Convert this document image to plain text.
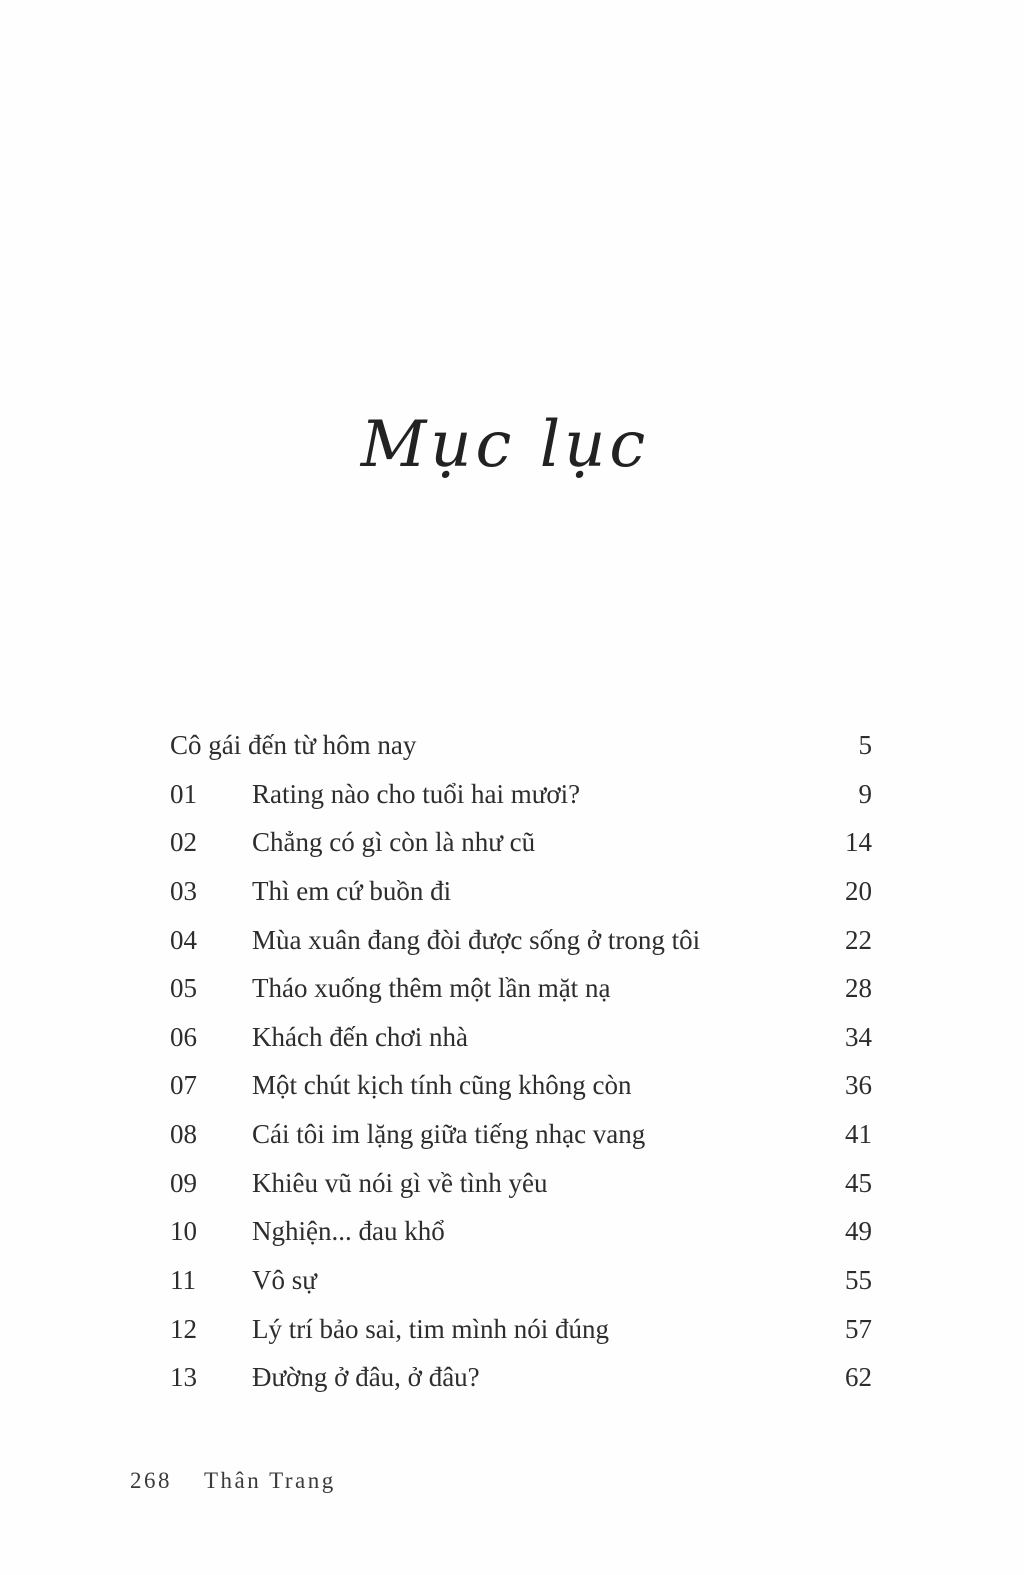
Mục lục
Cô gái đến từ hôm nay	5
01	Rating nào cho tuổi hai mươi?	9
02	Chẳng có gì còn là như cũ	14
03	Thì em cứ buồn đi	20
04	Mùa xuân đang đòi được sống ở trong tôi	22
05	Tháo xuống thêm một lần mặt nạ	28
06	Khách đến chơi nhà	34
07	Một chút kịch tính cũng không còn	36
08	Cái tôi im lặng giữa tiếng nhạc vang	41
09	Khiêu vũ nói gì về tình yêu	45
10	Nghiện... đau khổ	49
11	Vô sự	55
12	Lý trí bảo sai, tim mình nói đúng	57
13	Đường ở đâu, ở đâu?	62
268 Thân Trang
